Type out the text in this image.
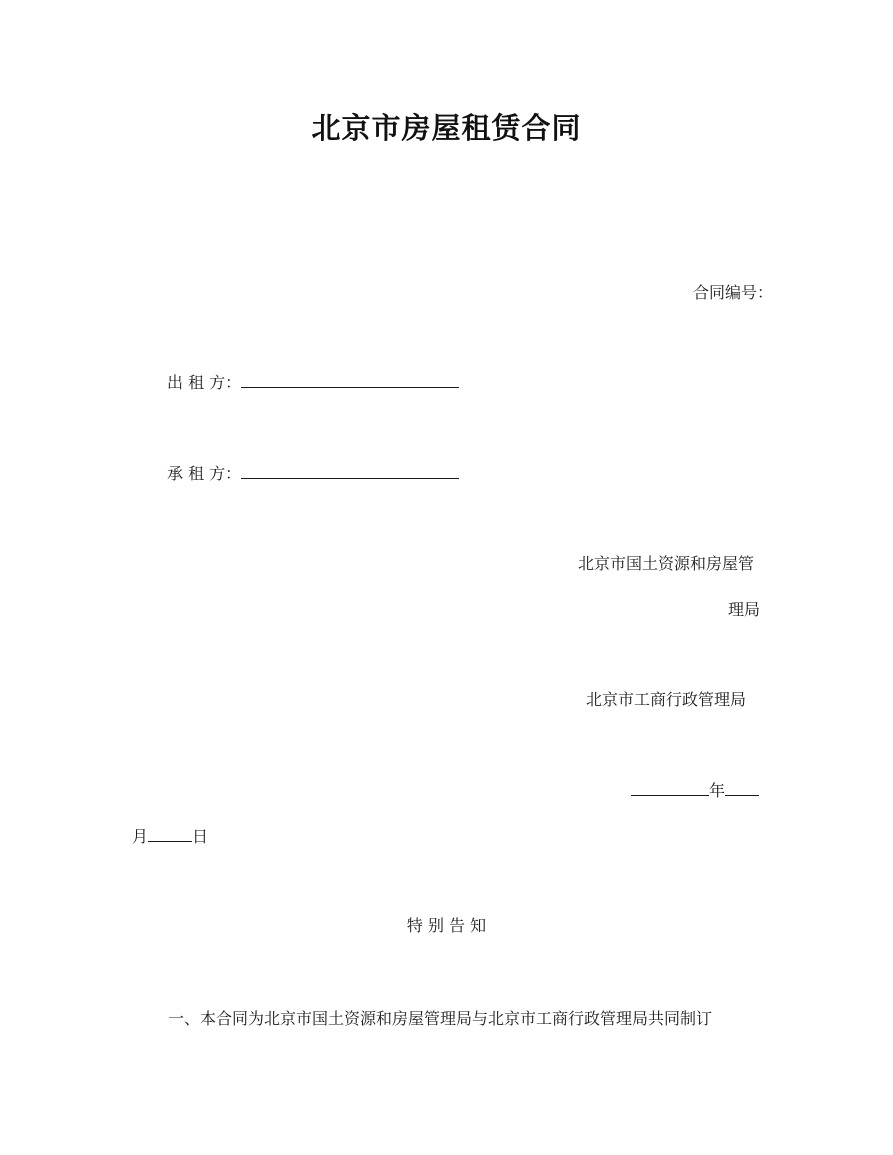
北京市房屋租赁合同
合同编号：
出 租 方：
承 租 方：
北京市国土资源和房屋管
理局
北京市工商行政管理局
年
月	日
特 别 告 知
一、本合同为北京市国土资源和房屋管理局与北京市工商行政管理局共同制订
